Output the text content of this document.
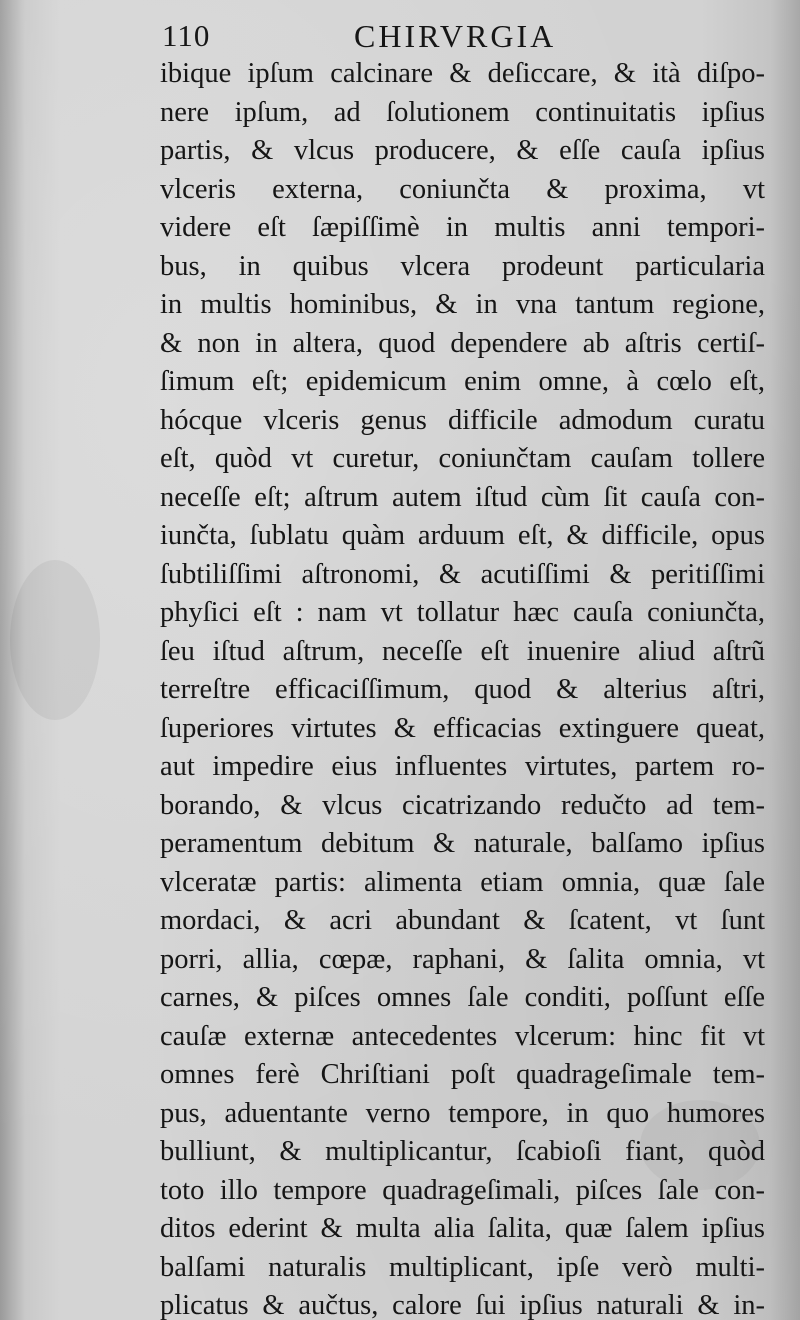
110	CHIRVRGIA
ibique ipſum calcinare & deſiccare, & ità diſpo-
nere ipſum, ad ſolutionem continuitatis ipſius
partis, & vlcus producere, & eſſe cauſa ipſius
vlceris externa, coniunčta & proxima, vt
videre eſt ſæpiſſimè in multis anni tempori-
bus, in quibus vlcera prodeunt particularia
in multis hominibus, & in vna tantum regione,
& non in altera, quod dependere ab aſtris certiſ-
ſimum eſt; epidemicum enim omne, à cœlo eſt,
hócque vlceris genus difficile admodum curatu
eſt, quòd vt curetur, coniunčtam cauſam tollere
neceſſe eſt; aſtrum autem iſtud cùm ſit cauſa con-
iunčta, ſublatu quàm arduum eſt, & difficile, opus
ſubtiliſſimi aſtronomi, & acutiſſimi & peritiſſimi
phyſici eſt : nam vt tollatur hæc cauſa coniunčta,
ſeu iſtud aſtrum, neceſſe eſt inuenire aliud aſtrũ
terreſtre efficaciſſimum, quod & alterius aſtri,
ſuperiores virtutes & efficacias extinguere queat,
aut impedire eius influentes virtutes, partem ro-
borando, & vlcus cicatrizando redučto ad tem-
peramentum debitum & naturale, balſamo ipſius
vlceratæ partis: alimenta etiam omnia, quæ ſale
mordaci, & acri abundant & ſcatent, vt ſunt
porri, allia, cœpæ, raphani, & ſalita omnia, vt
carnes, & piſces omnes ſale conditi, poſſunt eſſe
cauſæ externæ antecedentes vlcerum: hinc fit vt
omnes ferè Chriſtiani poſt quadrageſimale tem-
pus, aduentante verno tempore, in quo humores
bulliunt, & multiplicantur, ſcabioſi fiant, quòd
toto illo tempore quadrageſimali, piſces ſale con-
ditos ederint & multa alia ſalita, quæ ſalem ipſius
balſami naturalis multiplicant, ipſe verò multi-
plicatus & aučtus, calore ſui ipſius naturali & in-
